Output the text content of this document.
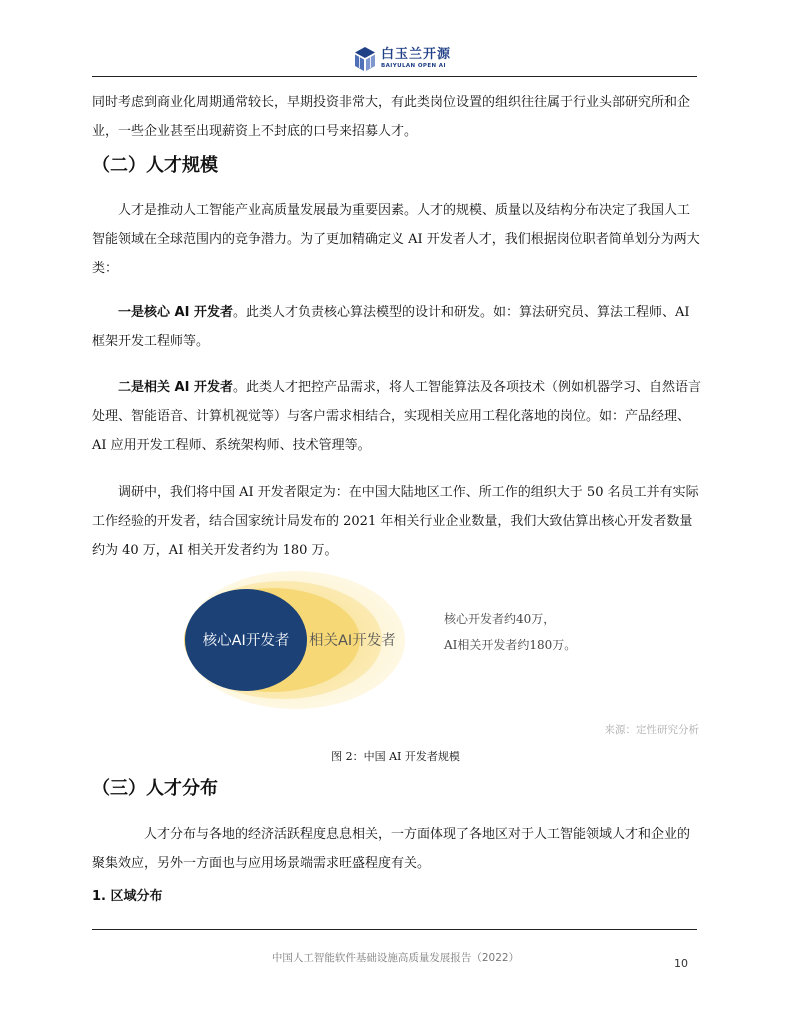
白玉兰开源
BAIYULAN OPEN AI

同时考虑到商业化周期通常较长，早期投资非常大，有此类岗位设置的组织往往属于行业头部研究所和企业，一些企业甚至出现薪资上不封底的口号来招募人才。

（二）人才规模

人才是推动人工智能产业高质量发展最为重要因素。人才的规模、质量以及结构分布决定了我国人工智能领域在全球范围内的竞争潜力。为了更加精确定义 AI 开发者人才，我们根据岗位职者简单划分为两大类：

一是核心 AI 开发者。此类人才负责核心算法模型的设计和研发。如：算法研究员、算法工程师、AI 框架开发工程师等。

二是相关 AI 开发者。此类人才把控产品需求，将人工智能算法及各项技术（例如机器学习、自然语言处理、智能语音、计算机视觉等）与客户需求相结合，实现相关应用工程化落地的岗位。如：产品经理、AI 应用开发工程师、系统架构师、技术管理等。

调研中，我们将中国 AI 开发者限定为：在中国大陆地区工作、所工作的组织大于 50 名员工并有实际工作经验的开发者，结合国家统计局发布的 2021 年相关行业企业数量，我们大致估算出核心开发者数量约为 40 万，AI 相关开发者约为 180 万。

核心AI开发者	相关AI开发者
核心开发者约40万，
AI相关开发者约180万。
来源：定性研究分析
图 2：中国 AI 开发者规模
（三）人才分布

人才分布与各地的经济活跃程度息息相关，一方面体现了各地区对于人工智能领域人才和企业的聚集效应，另外一方面也与应用场景端需求旺盛程度有关。

1. 区域分布
中国人工智能软件基础设施高质量发展报告（2022）	10
